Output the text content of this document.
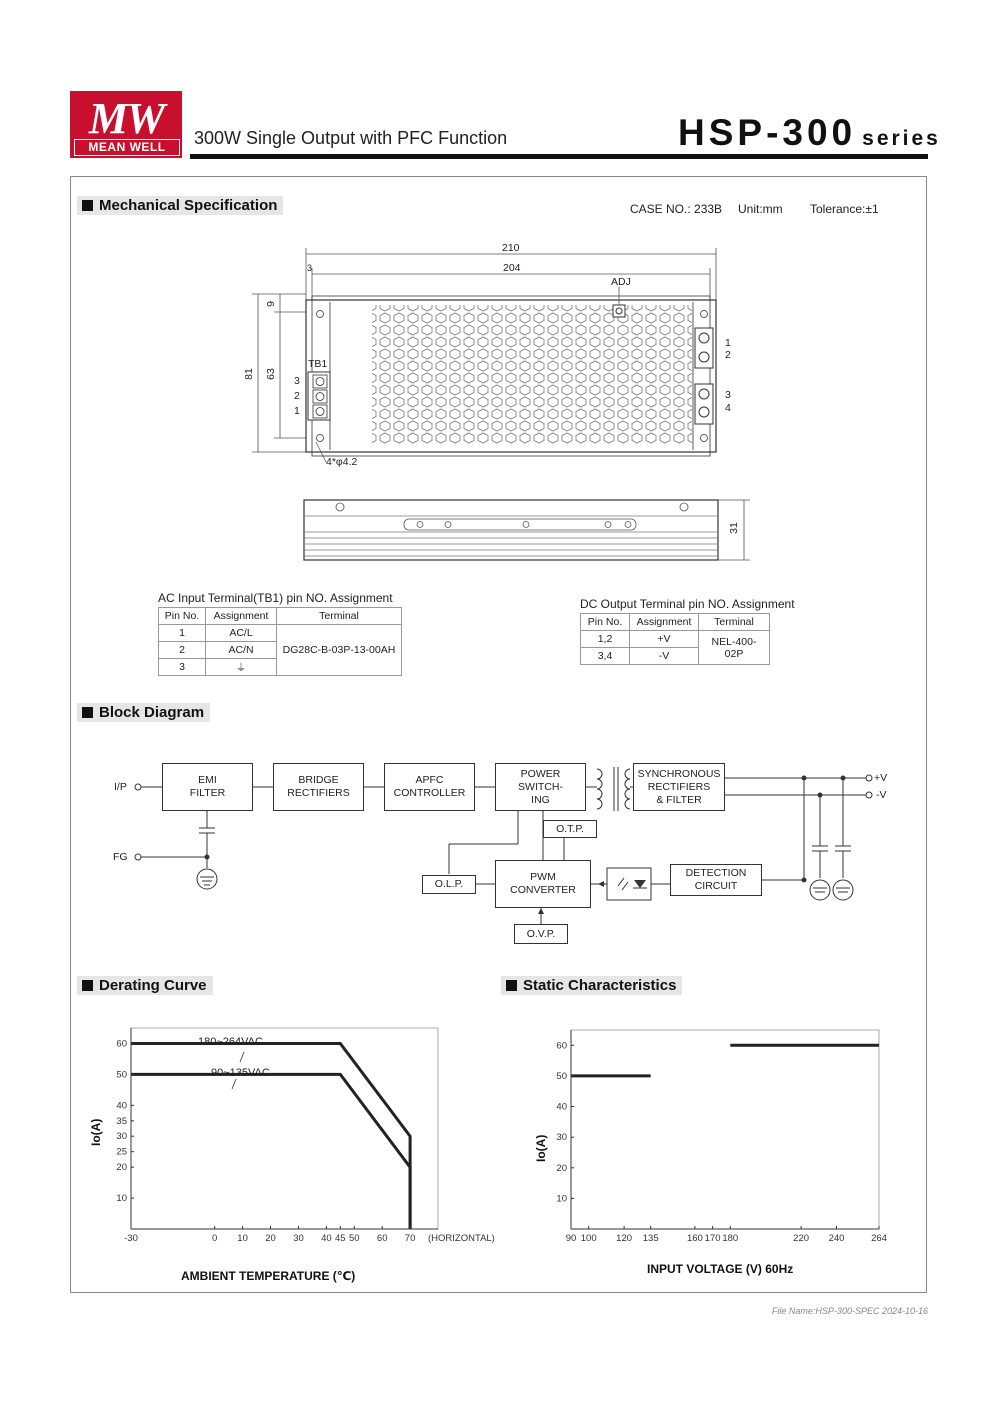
MW
MEAN WELL	300W Single Output with PFC Function	HSP-300 series
Mechanical Specification	CASE NO.: 233B Unit:mm Tolerance:±1
210
204
3
ADJ
81 63
9
TB1
3
2
1
1
2
3
4
4*φ4.2
31
AC Input Terminal(TB1) pin NO. Assignment
Pin No.	Assignment	Terminal
1	AC/L	DG28C-B-03P-13-00AH
2	AC/N	
3	⏚	
DC Output Terminal pin NO. Assignment
Pin No.	Assignment	Terminal
1,2	+V	NEL-400-02P
3,4	-V	
Block Diagram
I/P
FG
+V
-V
EMI
FILTER
BRIDGE
RECTIFIERS
APFC
CONTROLLER
POWER
SWITCH-
ING
SYNCHRONOUS
RECTIFIERS
& FILTER
O.T.P.
O.L.P.
PWM
CONVERTER
O.V.P.
DETECTION
CIRCUIT
Derating Curve
180~264VAC
90~135VAC
-30	0 10 20 30 40 45 50 60 70
10
20
25
30
35
40
50
60
(HORIZONTAL)
Io(A)
AMBIENT TEMPERATURE (℃)
Static Characteristics
90 100 120 135	160 170 180	220 240	264
10
20
30
40
50
60
Io(A)
INPUT VOLTAGE (V) 60Hz
File Name:HSP-300-SPEC 2024-10-16
